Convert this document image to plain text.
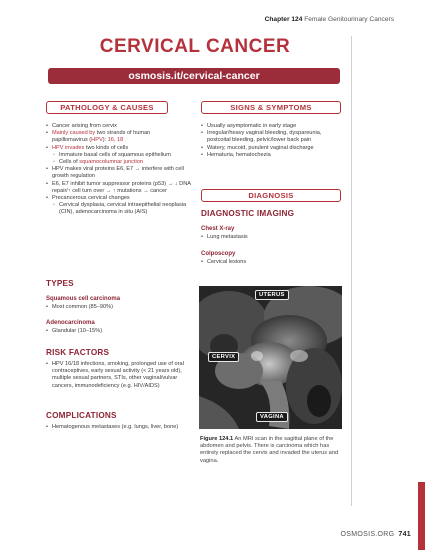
Chapter 124 Female Genitourinary Cancers
CERVICAL CANCER
osmosis.it/cervical-cancer
PATHOLOGY & CAUSES	SIGNS & SYMPTOMS
DIAGNOSIS
• Cancer arising from cervix
• Mainly caused by two strands of human
papillomavirus (HPV): 16, 18
• HPV invades two kinds of cells
◦ Immature basal cells of squamous epithelium
◦ Cells of squamocolumnar junction
• HPV makes viral proteins E6, E7 → interfere with cell growth regulation
• E6, E7 inhibit tumor suppressor proteins (p53) → ↓ DNA repair/↑ cell turn over → ↑ mutations → cancer
• Precancerous cervical changes
◦ Cervical dysplasia, cervical intraepithelial neoplasia (CIN), adenocarcinoma in situ (AIS)
• Usually asymptomatic in early stage
• Irregular/heavy vaginal bleeding, dyspareunia, postcoital bleeding, pelvic/lower back pain
• Watery, mucoid, purulent vaginal discharge
• Hematuria, hematochezia
DIAGNOSTIC IMAGING
Chest X-ray
• Lung metastasis
Colposcopy
• Cervical lesions
TYPES
Squamous cell carcinoma
• Most common (85–90%)
Adenocarcinoma
• Glandular (10–15%)
RISK FACTORS
• HPV 16/18 infections, smoking, prolonged use of oral contraceptives, early sexual activity (< 21 years old), multiple sexual partners, STIs, other vaginal/vulvar cancers, immunodeficiency (e.g. HIV/AIDS)
COMPLICATIONS
• Hematogenous metastases (e.g. lungs, liver, bone)
UTERUS
CERVIX
VAGINA
Figure 124.1 An MRI scan in the sagittal plane of the abdomen and pelvis. There is carcinoma which has entirely replaced the cervix and invaded the uterus and vagina.
OSMOSIS.ORG 741
